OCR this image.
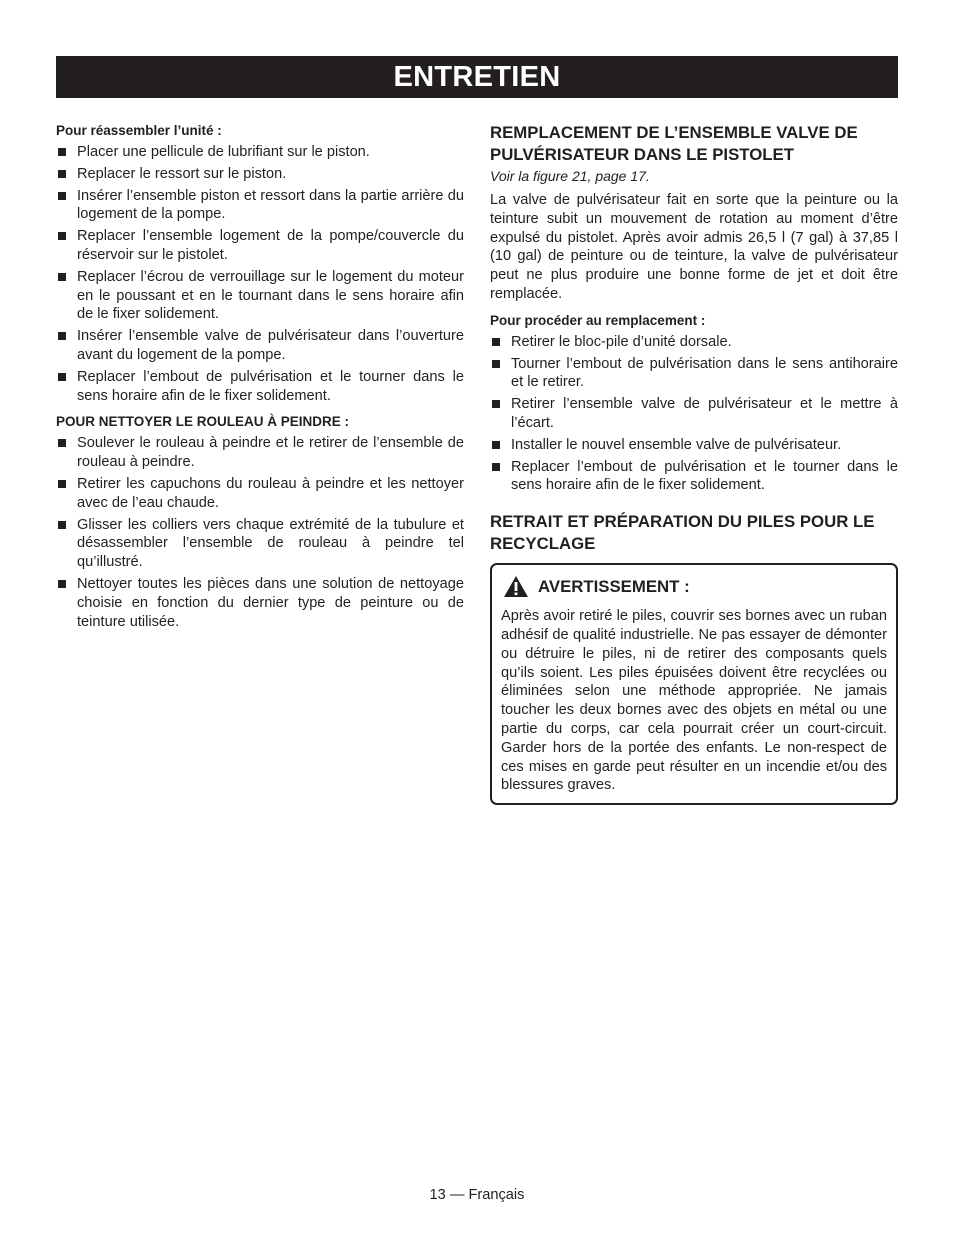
ENTRETIEN

Pour réassembler l’unité :

Placer une pellicule de lubrifiant sur le piston.
Replacer le ressort sur le piston.
Insérer l’ensemble piston et ressort dans la partie arrière du logement de la pompe.
Replacer l’ensemble logement de la pompe/couvercle du réservoir sur le pistolet.
Replacer l’écrou de verrouillage sur le logement du moteur en le poussant et en le tournant dans le sens horaire afin de le fixer solidement.
Insérer l’ensemble valve de pulvérisateur dans l’ouverture avant du logement de la pompe.
Replacer l’embout de pulvérisation et le tourner dans le sens horaire afin de le fixer solidement.

POUR NETTOYER LE ROULEAU À PEINDRE :

Soulever le rouleau à peindre et le retirer de l’ensemble de rouleau à peindre.
Retirer les capuchons du rouleau à peindre et les nettoyer avec de l’eau chaude.
Glisser les colliers vers chaque extrémité de la tubulure et désassembler l’ensemble de rouleau à peindre tel qu’illustré.
Nettoyer toutes les pièces dans une solution de nettoyage choisie en fonction du dernier type de peinture ou de teinture utilisée.
REMPLACEMENT DE L’ENSEMBLE VALVE DE PULVÉRISATEUR DANS LE PISTOLET

Voir la figure 21, page 17.

La valve de pulvérisateur fait en sorte que la peinture ou la teinture subit un mouvement de rotation au moment d’être expulsé du pistolet. Après avoir admis 26,5 l (7 gal) à 37,85 l (10 gal) de peinture ou de teinture, la valve de pulvérisateur peut ne plus produire une bonne forme de jet et doit être remplacée.

Pour procéder au remplacement :

Retirer le bloc-pile d’unité dorsale.
Tourner l’embout de pulvérisation dans le sens antihoraire et le retirer.
Retirer l’ensemble valve de pulvérisateur et le mettre à l’écart.
Installer le nouvel ensemble valve de pulvérisateur.
Replacer l’embout de pulvérisation et le tourner dans le sens horaire afin de le fixer solidement.
RETRAIT ET PRÉPARATION DU PILES POUR LE RECYCLAGE
AVERTISSEMENT :

Après avoir retiré le piles, couvrir ses bornes avec un ruban adhésif de qualité industrielle. Ne pas essayer de démonter ou détruire le piles, ni de retirer des composants quels qu’ils soient. Les piles épuisées doivent être recyclées ou éliminées selon une méthode appropriée. Ne jamais toucher les deux bornes avec des objets en métal ou une partie du corps, car cela pourrait créer un court-circuit. Garder hors de la portée des enfants. Le non-respect de ces mises en garde peut résulter en un incendie et/ou des blessures graves.

13 — Français
